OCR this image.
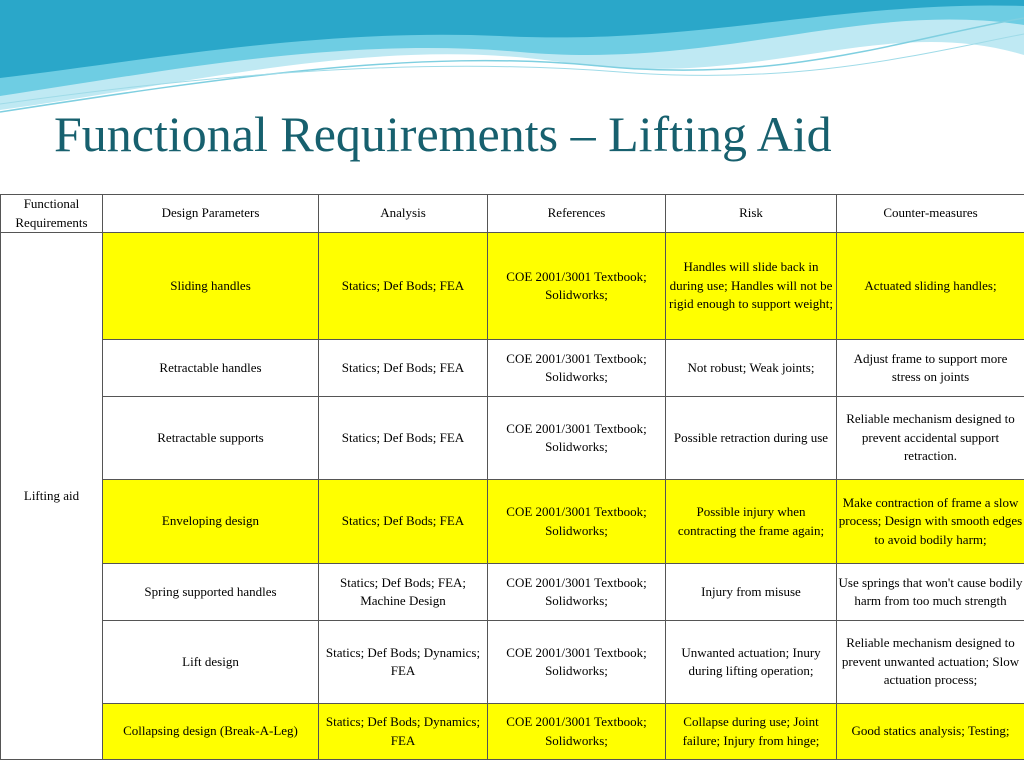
Functional Requirements – Lifting Aid
Functional Requirements	Design Parameters	Analysis	References	Risk	Counter-measures
Lifting aid	Sliding handles	Statics; Def Bods; FEA	COE 2001/3001 Textbook; Solidworks;	Handles will slide back in during use; Handles will not be rigid enough to support weight;	Actuated sliding handles;
	Retractable handles	Statics; Def Bods; FEA	COE 2001/3001 Textbook; Solidworks;	Not robust; Weak joints;	Adjust frame to support more stress on joints
	Retractable supports	Statics; Def Bods; FEA	COE 2001/3001 Textbook; Solidworks;	Possible retraction during use	Reliable mechanism designed to prevent accidental support retraction.
	Enveloping design	Statics; Def Bods; FEA	COE 2001/3001 Textbook; Solidworks;	Possible injury when contracting the frame again;	Make contraction of frame a slow process; Design with smooth edges to avoid bodily harm;
	Spring supported handles	Statics; Def Bods; FEA; Machine Design	COE 2001/3001 Textbook; Solidworks;	Injury from misuse	Use springs that won't cause bodily harm from too much strength
	Lift design	Statics; Def Bods; Dynamics; FEA	COE 2001/3001 Textbook; Solidworks;	Unwanted actuation; Inury during lifting operation;	Reliable mechanism designed to prevent unwanted actuation; Slow actuation process;
	Collapsing design (Break-A-Leg)	Statics; Def Bods; Dynamics; FEA	COE 2001/3001 Textbook; Solidworks;	Collapse during use; Joint failure; Injury from hinge;	Good statics analysis; Testing;
